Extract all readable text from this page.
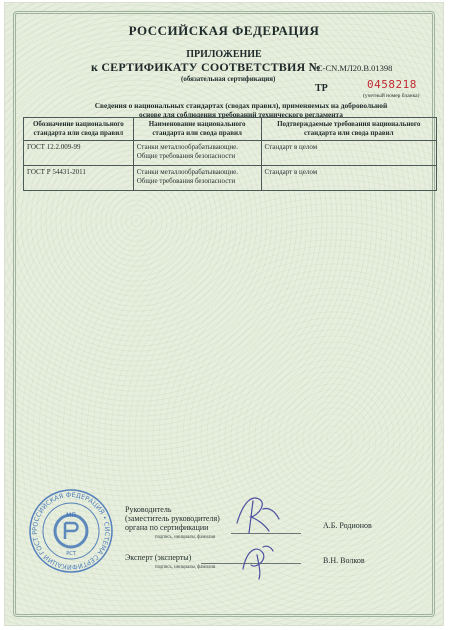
РОССИЙСКАЯ ФЕДЕРАЦИЯ
ПРИЛОЖЕНИЕ
к СЕРТИФИКАТУ СООТВЕТСТВИЯ №
C-CN.МЛ20.В.01398
(обязательная сертификация)
ТР	0458218
(учетный номер бланка)
Сведения о национальных стандартах (сводах правил), применяемых на добровольной
основе для соблюдения требований технического регламента
Обозначение национального стандарта или свода правил	Наименование национального стандарта или свода правил	Подтверждаемые требования национального стандарта или свода правил
ГОСТ 12.2.009-99	Станки металлообрабатывающие. Общие требования безопасности	Стандарт в целом
ГОСТ Р 54431-2011	Станки металлообрабатывающие. Общие требования безопасности	Стандарт в целом
Руководитель
(заместитель руководителя)
органа по сертификации
подпись, инициалы, фамилия
А.Б. Родионов
Эксперт (эксперты)
подпись, инициалы, фамилия
В.Н. Волков
РОССИЙСКАЯ ФЕДЕРАЦИЯ • СИСТЕМА СЕРТИФИКАЦИИ ГОСТ Р
МП
РСТ
